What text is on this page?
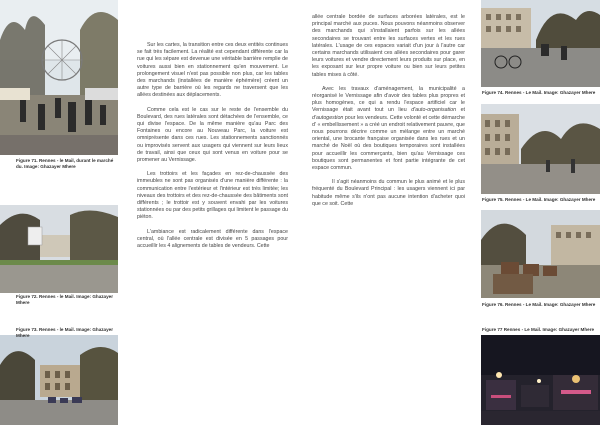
Figure 71. Rennes - le Mail, durant le marché du. Image: Ghazayer Mhere
Figure 72. Rennes - le Mail. Image: Ghazayer Mhere
Figure 73. Rennes - le Mail. Image: Ghazayer Mhere

Sur les cartes, la transition entre ces deux entités continues se fait très facilement. La réalité est cependant différente car la rue qui les sépare est devenue une véritable barrière remplie de voitures aussi bien en stationnement qu'en mouvement. Le prolongement visuel n'est pas possible non plus, car les tables des marchands (installées de manière éphémère) créent un autre type de barrière où les regards ne traversent que les allées destinées aux déplacements.

Comme cela est le cas sur le reste de l'ensemble du Boulevard, des rues latérales sont détachées de l'ensemble, ce qui divise l'espace. De la même manière qu'au Parc des Fontaines ou encore au Nouveau Parc, la voiture est omniprésente dans ces rues. Les stationnements sanctionnés ou improvisés servent aux usagers qui viennent sur leurs lieux de travail, ainsi que ceux qui sont venus en voiture pour se promener au Vernissage.

Les trottoirs et les façades en rez-de-chaussée des immeubles ne sont pas organisés d'une manière différente : la communication entre l'extérieur et l'intérieur est très limitée; les niveaux des trottoirs et des rez-de-chaussée des bâtiments sont différents ; le trottoir est y souvent envahi par les voitures stationnées ou par des petits grillages qui limitent le passage du piéton.

L'ambiance est radicalement différente dans l'espace central, où l'allée centrale est divisée en 5 passages pour accueillir les 4 alignements de tables de vendeurs. Cette

allée centrale bordée de surfaces arborées latérales, est le principal marché aux puces. Nous pouvons néanmoins observer des marchands qui s'installaient parfois sur les allées secondaires se trouvant entre les surfaces vertes et les rues latérales. L'usage de ces espaces variait d'un jour à l'autre car certains marchands utilisaient ces allées secondaires pour garer leurs voitures et vendre directement leurs produits sur place, en les exposant sur leur propre voiture ou bien sur leurs petites tables mises à côté.

Avec les travaux d'aménagement, la municipalité a réorganisé le Vernissage afin d'avoir des tables plus propres et plus homogènes, ce qui a rendu l'espace artificiel car le Vernissage était avant tout un lieu d'auto-organisation et d'autogestion pour les vendeurs. Cette volonté et cette démarche d' « embellissement » a créé un endroit relativement pauvre, que nous pourrons décrire comme un mélange entre un marché oriental, une brocante française organisée dans les rues et un marché de Noël où des boutiques temporaires sont installées pour accueillir les commerçants, bien qu'au Vernissage ces boutiques sont permanentes et font partie intégrante de cet espace commun.

Il s'agit néanmoins du commun le plus animé et le plus fréquenté du Boulevard Principal : les usagers viennent ici par habitude même s'ils n'ont pas aucune intention d'acheter quoi que ce soit. Cette

Figure 74. Rennes - Le Mail. Image: Ghazayer Mhere
Figure 75. Rennes - Le Mail. Image: Ghazayer Mhere
Figure 76. Rennes - Le Mail. Image: Ghazayer Mhere
Figure 77 Rennes - Le Mail. Image: Ghazayer Mhere
